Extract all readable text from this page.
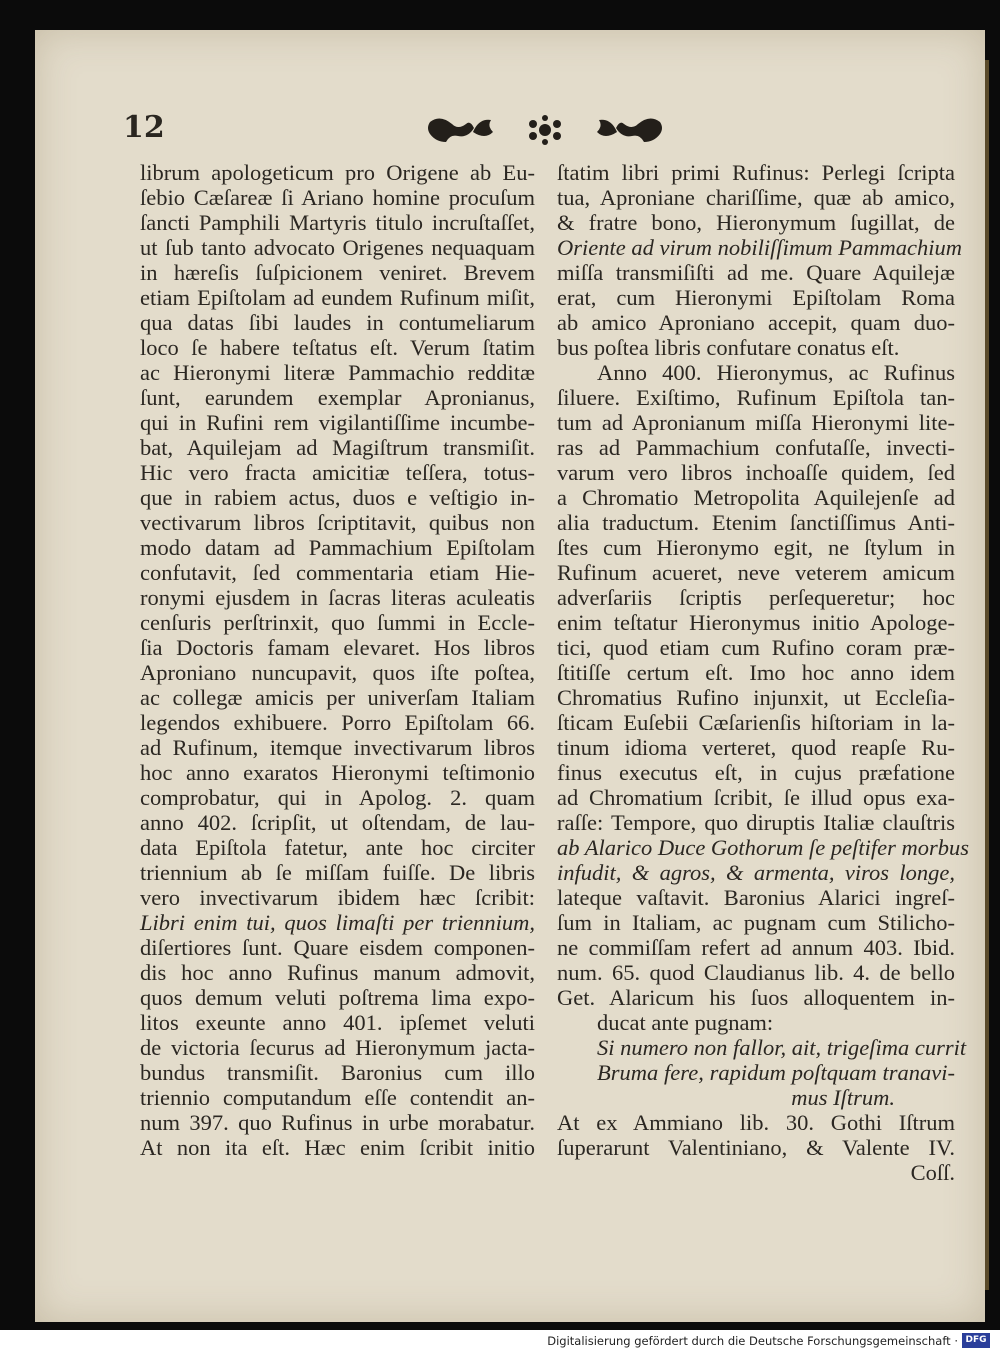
12
librum apologeticum pro Origene ab Eu-
ſebio Cæſareæ ſi Ariano homine procuſum
ſancti Pamphili Martyris titulo incruſtaſſet,
ut ſub tanto advocato Origenes nequaquam
in hæreſis ſuſpicionem veniret. Brevem
etiam Epiſtolam ad eundem Rufinum miſit,
qua datas ſibi laudes in contumeliarum
loco ſe habere teſtatus eſt. Verum ſtatim
ac Hieronymi literæ Pammachio redditæ
ſunt, earundem exemplar Apronianus,
qui in Rufini rem vigilantiſſime incumbe-
bat, Aquilejam ad Magiſtrum transmiſit.
Hic vero fracta amicitiæ teſſera, totus-
que in rabiem actus, duos e veſtigio in-
vectivarum libros ſcriptitavit, quibus non
modo datam ad Pammachium Epiſtolam
confutavit, ſed commentaria etiam Hie-
ronymi ejusdem in ſacras literas aculeatis
cenſuris perſtrinxit, quo ſummi in Eccle-
ſia Doctoris famam elevaret. Hos libros
Aproniano nuncupavit, quos iſte poſtea,
ac collegæ amicis per univerſam Italiam
legendos exhibuere. Porro Epiſtolam 66.
ad Rufinum, itemque invectivarum libros
hoc anno exaratos Hieronymi teſtimonio
comprobatur, qui in Apolog. 2. quam
anno 402. ſcripſit, ut oſtendam, de lau-
data Epiſtola fatetur, ante hoc circiter
triennium ab ſe miſſam fuiſſe. De libris
vero invectivarum ibidem hæc ſcribit:
Libri enim tui, quos limaſti per triennium,
diſertiores ſunt. Quare eisdem componen-
dis hoc anno Rufinus manum admovit,
quos demum veluti poſtrema lima expo-
litos exeunte anno 401. ipſemet veluti
de victoria ſecurus ad Hieronymum jacta-
bundus transmiſit. Baronius cum illo
triennio computandum eſſe contendit an-
num 397. quo Rufinus in urbe morabatur.
At non ita eſt. Hæc enim ſcribit initio
ſtatim libri primi Rufinus: Perlegi ſcripta
tua, Aproniane chariſſime, quæ ab amico,
& fratre bono, Hieronymum ſugillat, de
Oriente ad virum nobiliſſimum Pammachium
miſſa transmiſiſti ad me. Quare Aquilejæ
erat, cum Hieronymi Epiſtolam Roma
ab amico Aproniano accepit, quam duo-
bus poſtea libris confutare conatus eſt.
Anno 400. Hieronymus, ac Rufinus
ſiluere. Exiſtimo, Rufinum Epiſtola tan-
tum ad Apronianum miſſa Hieronymi lite-
ras ad Pammachium confutaſſe, invecti-
varum vero libros inchoaſſe quidem, ſed
a Chromatio Metropolita Aquilejenſe ad
alia traductum. Etenim ſanctiſſimus Anti-
ſtes cum Hieronymo egit, ne ſtylum in
Rufinum acueret, neve veterem amicum
adverſariis ſcriptis perſequeretur; hoc
enim teſtatur Hieronymus initio Apologe-
tici, quod etiam cum Rufino coram præ-
ſtitiſſe certum eſt. Imo hoc anno idem
Chromatius Rufino injunxit, ut Eccleſia-
ſticam Euſebii Cæſarienſis hiſtoriam in la-
tinum idioma verteret, quod reapſe Ru-
finus executus eſt, in cujus præfatione
ad Chromatium ſcribit, ſe illud opus exa-
raſſe: Tempore, quo diruptis Italiæ clauſtris
ab Alarico Duce Gothorum ſe peſtifer morbus
infudit, & agros, & armenta, viros longe,
lateque vaſtavit. Baronius Alarici ingreſ-
ſum in Italiam, ac pugnam cum Stilicho-
ne commiſſam refert ad annum 403. Ibid.
num. 65. quod Claudianus lib. 4. de bello
Get. Alaricum his ſuos alloquentem in-
ducat ante pugnam:
Si numero non fallor, ait, trigeſima currit
Bruma fere, rapidum poſtquam tranavi-
mus Iſtrum.
At ex Ammiano lib. 30. Gothi Iſtrum
ſuperarunt Valentiniano, & Valente IV.
Coſſ.
Digitalisierung gefördert durch die Deutsche Forschungsgemeinschaft · DFG
